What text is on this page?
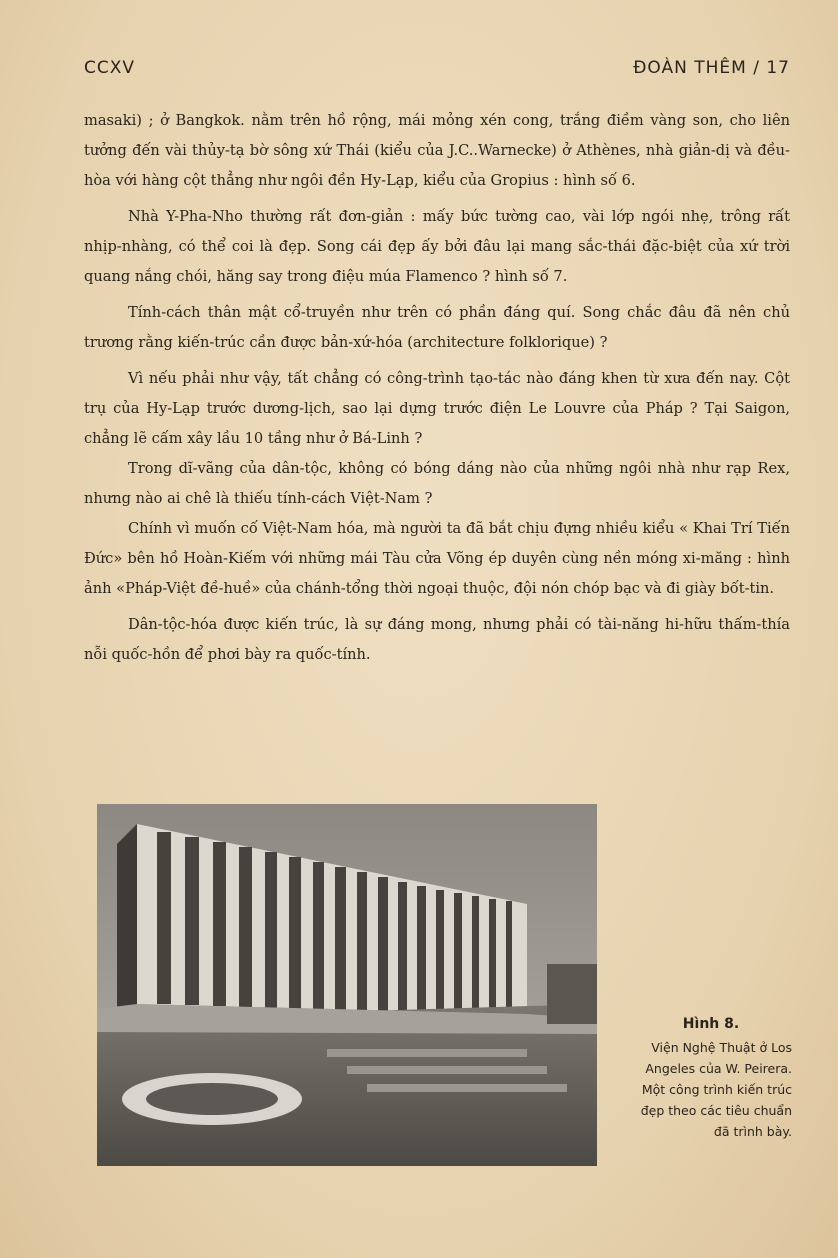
CCXV	ĐOÀN THÊM / 17

masaki) ; ở Bangkok. nằm trên hồ rộng, mái mỏng xén cong, trắng điềm vàng son, cho liên tưởng đến vài thủy-tạ bờ sông xứ Thái (kiểu của J.C..Warnecke) ở Athènes, nhà giản-dị và đều-hòa với hàng cột thẳng như ngôi đền Hy-Lạp, kiểu của Gropius : hình số 6.

Nhà Y-Pha-Nho thường rất đơn-giản : mấy bức tường cao, vài lớp ngói nhẹ, trông rất nhịp-nhàng, có thể coi là đẹp. Song cái đẹp ấy bởi đâu lại mang sắc-thái đặc-biệt của xứ trời quang nắng chói, hăng say trong điệu múa Flamenco ? hình số 7.

Tính-cách thân mật cổ-truyền như trên có phần đáng quí. Song chắc đâu đã nên chủ trương rằng kiến-trúc cần được bản-xứ-hóa (architecture folklorique) ?

Vì nếu phải như vậy, tất chẳng có công-trình tạo-tác nào đáng khen từ xưa đến nay. Cột trụ của Hy-Lạp trước dương-lịch, sao lại dựng trước điện Le Louvre của Pháp ? Tại Saigon, chẳng lẽ cấm xây lầu 10 tầng như ở Bá-Linh ?

Trong dĩ-vãng của dân-tộc, không có bóng dáng nào của những ngôi nhà như rạp Rex, nhưng nào ai chê là thiếu tính-cách Việt-Nam ?

Chính vì muốn cố Việt-Nam hóa, mà người ta đã bắt chịu đựng nhiều kiểu « Khai Trí Tiến Đức» bên hồ Hoàn-Kiếm với những mái Tàu cửa Võng ép duyên cùng nền móng xi-măng : hình ảnh «Pháp-Việt đề-huề» của chánh-tổng thời ngoại thuộc, đội nón chóp bạc và đi giày bốt-tin.

Dân-tộc-hóa được kiến trúc, là sự đáng mong, nhưng phải có tài-năng hi-hữu thấm-thía nỗi quốc-hồn để phơi bày ra quốc-tính.

Hình 8.
Viện Nghệ Thuật ở Los Angeles của W. Peirera. Một công trình kiến trúc đẹp theo các tiêu chuẩn đã trình bày.
